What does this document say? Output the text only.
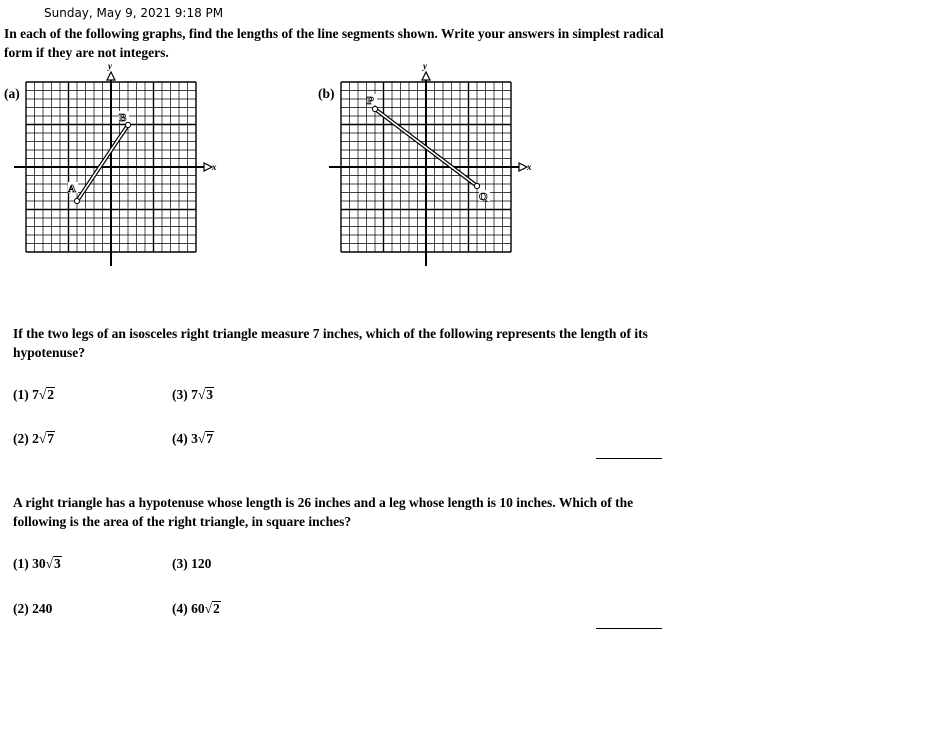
Sunday, May 9, 2021 9:18 PM
In each of the following graphs, find the lengths of the line segments shown. Write your answers in simplest radical form if they are not integers.
(a)
x
y
A
B
(b)
x
y
P
Q
If the two legs of an isosceles right triangle measure 7 inches, which of the following represents the length of its hypotenuse?
(1) 7√2	(3) 7√3
(2) 2√7	(4) 3√7
A right triangle has a hypotenuse whose length is 26 inches and a leg whose length is 10 inches. Which of the following is the area of the right triangle, in square inches?
(1) 30√3	(3) 120
(2) 240	(4) 60√2
